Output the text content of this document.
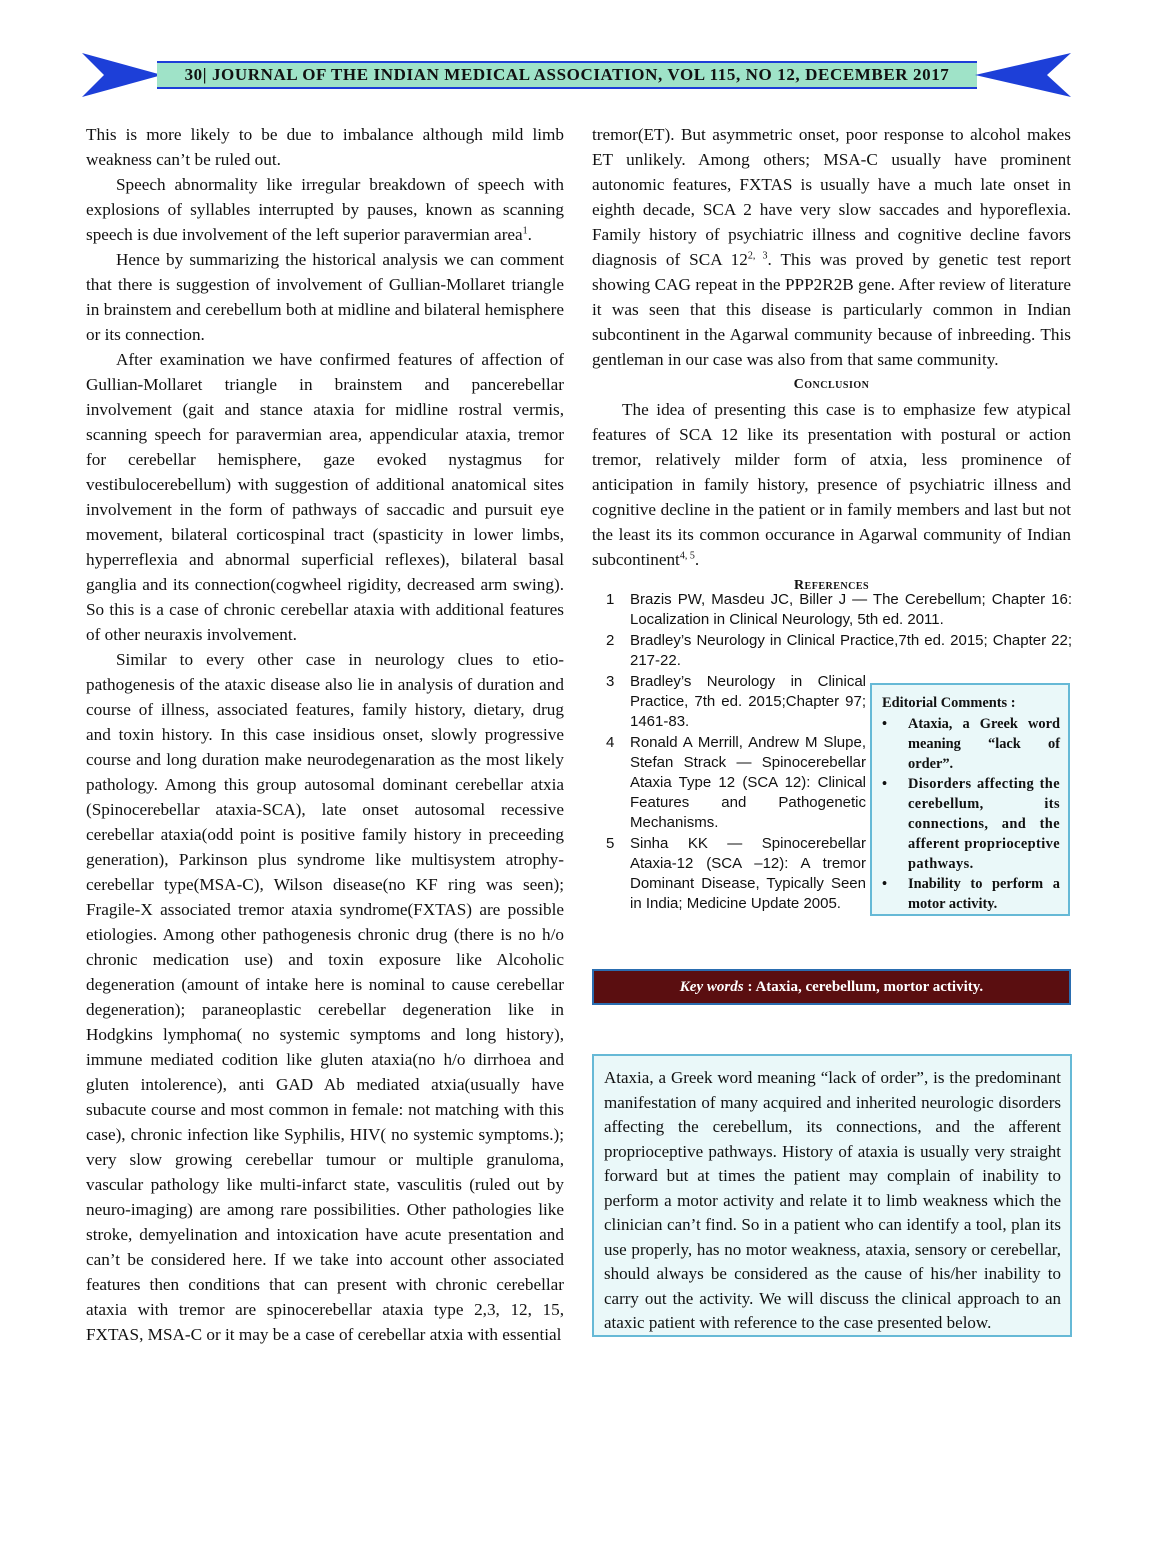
30| JOURNAL OF THE INDIAN MEDICAL ASSOCIATION, VOL 115, NO 12, DECEMBER 2017

This is more likely to be due to imbalance although mild limb weakness can’t be ruled out.

Speech abnormality like irregular breakdown of speech with explosions of syllables interrupted by pauses, known as scanning speech is due involvement of the left superior paravermian area$^1$.

Hence by summarizing the historical analysis we can comment that there is suggestion of involvement of Gullian-Mollaret triangle in brainstem and cerebellum both at midline and bilateral hemisphere or its connection.

After examination we have confirmed features of affection of Gullian-Mollaret triangle in brainstem and pancerebellar involvement (gait and stance ataxia for midline rostral vermis, scanning speech for paravermian area, appendicular ataxia, tremor for cerebellar hemisphere, gaze evoked nystagmus for vestibulocerebellum) with suggestion of additional anatomical sites involvement in the form of pathways of saccadic and pursuit eye movement, bilateral corticospinal tract (spasticity in lower limbs, hyperreflexia and abnormal superficial reflexes), bilateral basal ganglia and its connection(cogwheel rigidity, decreased arm swing). So this is a case of chronic cerebellar ataxia with additional features of other neuraxis involvement.

Similar to every other case in neurology clues to etio-pathogenesis of the ataxic disease also lie in analysis of duration and course of illness, associated features, family history, dietary, drug and toxin history. In this case insidious onset, slowly progressive course and long duration make neurodegenaration as the most likely pathology. Among this group autosomal dominant cerebellar atxia (Spinocerebellar ataxia-SCA), late onset autosomal recessive cerebellar ataxia(odd point is positive family history in preceeding generation), Parkinson plus syndrome like multisystem atrophy-cerebellar type(MSA-C), Wilson disease(no KF ring was seen); Fragile-X associated tremor ataxia syndrome(FXTAS) are possible etiologies. Among other pathogenesis chronic drug (there is no h/o chronic medication use) and toxin exposure like Alcoholic degeneration (amount of intake here is nominal to cause cerebellar degeneration); paraneoplastic cerebellar degeneration like in Hodgkins lymphoma( no systemic symptoms and long history), immune mediated codition like gluten ataxia(no h/o dirrhoea and gluten intolerence), anti GAD Ab mediated atxia(usually have subacute course and most common in female: not matching with this case), chronic infection like Syphilis, HIV( no systemic symptoms.); very slow growing cerebellar tumour or multiple granuloma, vascular pathology like multi-infarct state, vasculitis (ruled out by neuro-imaging) are among rare possibilities. Other pathologies like stroke, demyelination and intoxication have acute presentation and can’t be considered here. If we take into account other associated features then conditions that can present with chronic cerebellar ataxia with tremor are spinocerebellar ataxia type 2,3, 12, 15, FXTAS, MSA-C or it may be a case of cerebellar atxia with essential

tremor(ET). But asymmetric onset, poor response to alcohol makes ET unlikely. Among others; MSA-C usually have prominent autonomic features, FXTAS is usually have a much late onset in eighth decade, SCA 2 have very slow saccades and hyporeflexia. Family history of psychiatric illness and cognitive decline favors diagnosis of SCA 12$^{2, 3}$. This was proved by genetic test report showing CAG repeat in the PPP2R2B gene. After review of literature it was seen that this disease is particularly common in Indian subcontinent in the Agarwal community because of inbreeding. This gentleman in our case was also from that same community.

Conclusion

The idea of presenting this case is to emphasize few atypical features of SCA 12 like its presentation with postural or action tremor, relatively milder form of atxia, less prominence of anticipation in family history, presence of psychiatric illness and cognitive decline in the patient or in family members and last but not the least its its common occurance in Agarwal community of Indian subcontinent$^{4, 5}$.

References
1	Brazis PW, Masdeu JC, Biller J — The Cerebellum; Chapter 16: Localization in Clinical Neurology, 5th ed. 2011.
2	Bradley’s Neurology in Clinical Practice,7th ed. 2015; Chapter 22; 217-22.
3	Bradley’s Neurology in Clinical Practice, 7th ed. 2015;Chapter 97; 1461-83.
4	Ronald A Merrill, Andrew M Slupe, Stefan Strack — Spinocerebellar Ataxia Type 12 (SCA 12): Clinical Features and Pathogenetic Mechanisms.
5	Sinha KK — Spinocerebellar Ataxia-12 (SCA –12): A tremor Dominant Disease, Typically Seen in India; Medicine Update 2005.
Editorial Comments :
•	Ataxia, a Greek word meaning “lack of order”.
•	Disorders affecting the cerebellum, its connections, and the afferent proprioceptive pathways.
•	Inability to perform a motor activity.
Key words : Ataxia, cerebellum, mortor activity.
Ataxia, a Greek word meaning “lack of order”, is the predominant manifestation of many acquired and inherited neurologic disorders affecting the cerebellum, its connections, and the afferent proprioceptive pathways. History of ataxia is usually very straight forward but at times the patient may complain of inability to perform a motor activity and relate it to limb weakness which the clinician can’t find. So in a patient who can identify a tool, plan its use properly, has no motor weakness, ataxia, sensory or cerebellar, should always be considered as the cause of his/her inability to carry out the activity. We will discuss the clinical approach to an ataxic patient with reference to the case presented below.
